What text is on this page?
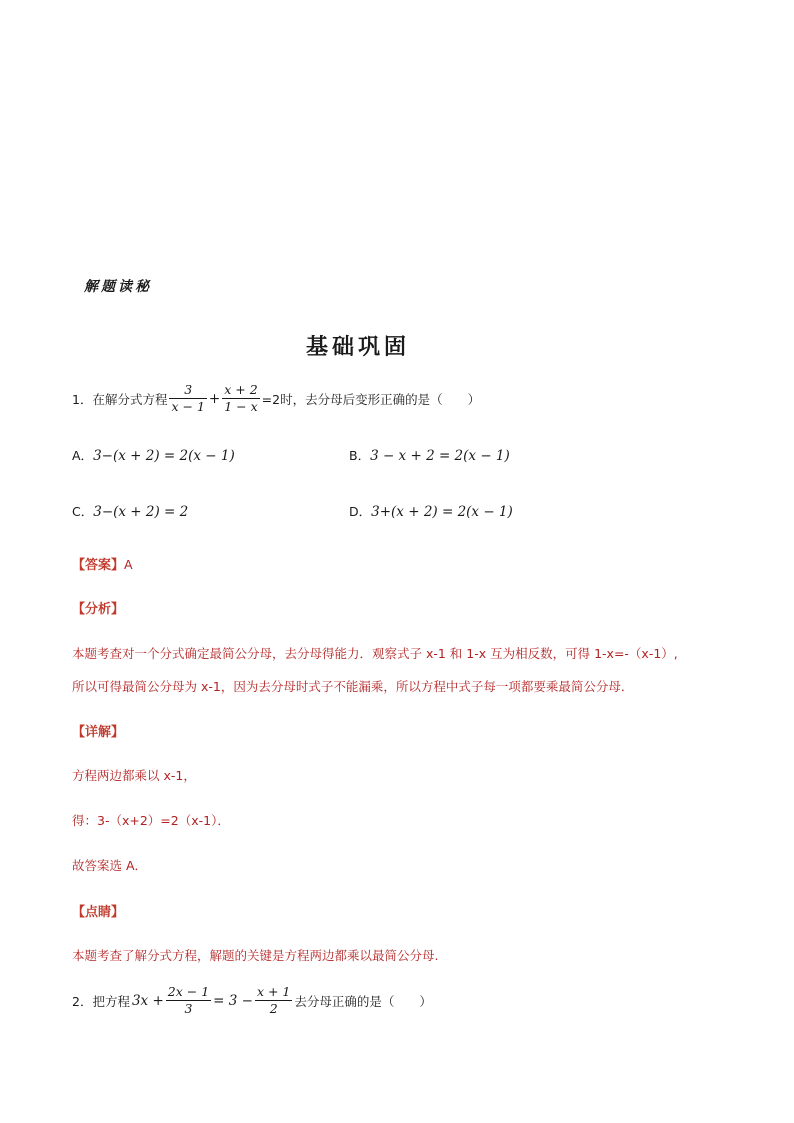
解题读秘
基础巩固
1．在解分式方程 $\frac{3}{x - 1} + \frac{x + 2}{1 - x} =2$时，去分母后变形正确的是（　　）
A．3−(x + 2) = 2(x − 1)	B．3 − x + 2 = 2(x − 1)
C．3−(x + 2) = 2	D．3+(x + 2) = 2(x − 1)
【答案】A
【分析】
本题考查对一个分式确定最简公分母，去分母得能力．观察式子 x-1 和 1-x 互为相反数，可得 1-x=-（x-1）,
所以可得最简公分母为 x-1，因为去分母时式子不能漏乘，所以方程中式子每一项都要乘最简公分母．
【详解】
方程两边都乘以 x-1，
得：3-（x+2）=2（x-1）．
故答案选 A．
【点睛】
本题考查了解分式方程，解题的关键是方程两边都乘以最简公分母.
2．把方程 $3x + \frac{2x - 1}{3} = 3 - \frac{x + 1}{2}$ 去分母正确的是（　　）
